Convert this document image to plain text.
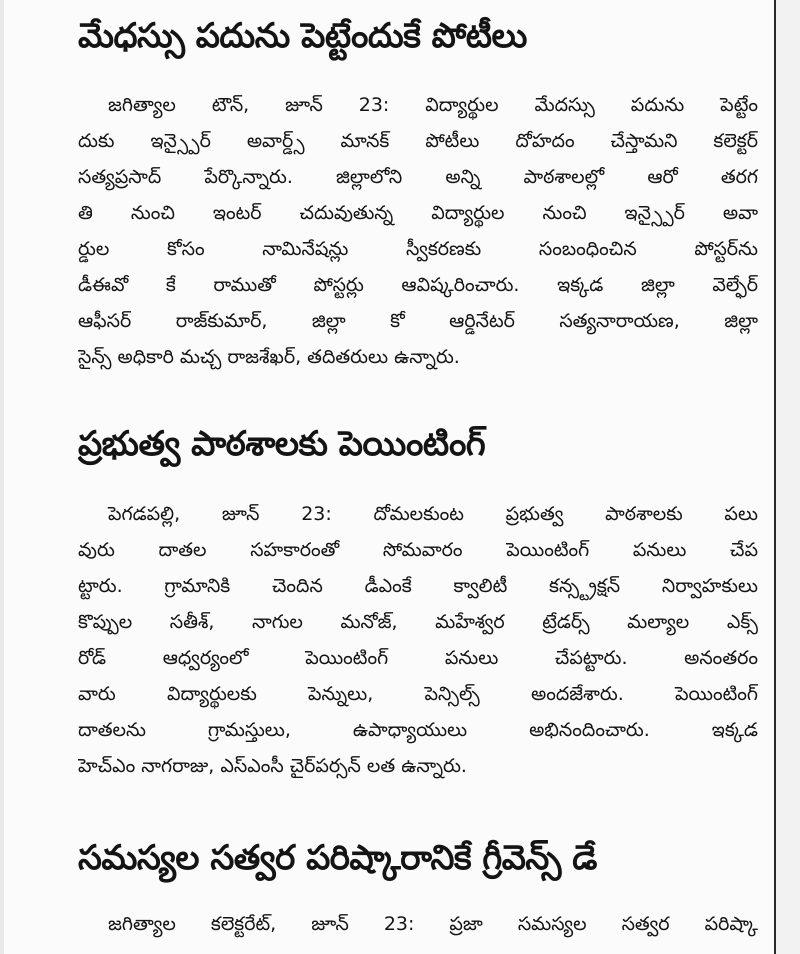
మేధస్సు పదును పెట్టేందుకే పోటీలు
జగిత్యాల టౌన్, జూన్ 23: విద్యార్థుల మేదస్సు పదును పెట్టేం
దుకు ఇన్స్పైర్ అవార్డ్స్ మానక్ పోటీలు దోహదం చేస్తామని కలెక్టర్
సత్యప్రసాద్ పేర్కొన్నారు. జిల్లాలోని అన్ని పాఠశాలల్లో ఆరో తరగ
తి నుంచి ఇంటర్ చదువుతున్న విద్యార్థుల నుంచి ఇన్స్పైర్ అవా
ర్డుల కోసం నామినేషన్లు స్వీకరణకు సంబంధించిన పోస్టర్‌ను
డీఈవో కే రాముతో పోస్టర్లు ఆవిష్కరించారు. ఇక్కడ జిల్లా వెల్ఫేర్
ఆఫీసర్ రాజ్‌కుమార్, జిల్లా కో ఆర్డినేటర్ సత్యనారాయణ, జిల్లా
సైన్స్ అధికారి మచ్చ రాజశేఖర్, తదితరులు ఉన్నారు.
ప్రభుత్వ పాఠశాలకు పెయింటింగ్
పెగడపల్లి, జూన్ 23: దోమలకుంట ప్రభుత్వ పాఠశాలకు పలు
వురు దాతల సహకారంతో సోమవారం పెయింటింగ్ పనులు చేప
ట్టారు. గ్రామానికి చెందిన డీఎంకే క్వాలిటీ కన్స్ట్రక్షన్ నిర్వాహకులు
కొప్పుల సతీశ్, నాగుల మనోజ్, మహేశ్వర ట్రేడర్స్ మల్యాల ఎక్స్
రోడ్ ఆధ్వర్యంలో పెయింటింగ్ పనులు చేపట్టారు. అనంతరం
వారు విద్యార్థులకు పెన్నులు, పెన్సిల్స్ అందజేశారు. పెయింటింగ్
దాతలను గ్రామస్తులు, ఉపాధ్యాయులు అభినందించారు. ఇక్కడ
హెచ్ఎం నాగరాజు, ఎస్ఎంసీ చైర్‌పర్సన్ లత ఉన్నారు.
సమస్యల సత్వర పరిష్కారానికే గ్రీవెన్స్ డే
జగిత్యాల కలెక్టరేట్, జూన్ 23: ప్రజా సమస్యల సత్వర పరిష్కా
